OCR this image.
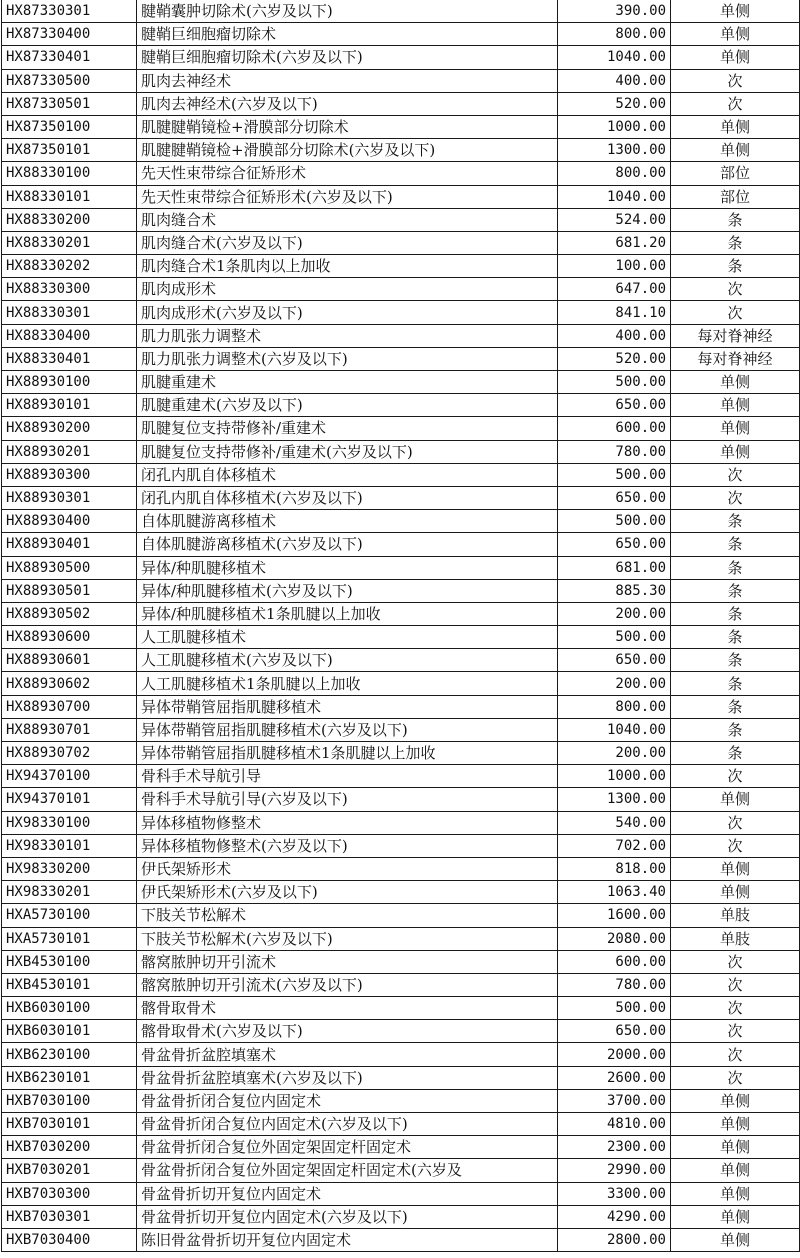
HX87330301	腱鞘囊肿切除术(六岁及以下)	390.00	单侧
HX87330400	腱鞘巨细胞瘤切除术	800.00	单侧
HX87330401	腱鞘巨细胞瘤切除术(六岁及以下)	1040.00	单侧
HX87330500	肌肉去神经术	400.00	次
HX87330501	肌肉去神经术(六岁及以下)	520.00	次
HX87350100	肌腱腱鞘镜检+滑膜部分切除术	1000.00	单侧
HX87350101	肌腱腱鞘镜检+滑膜部分切除术(六岁及以下)	1300.00	单侧
HX88330100	先天性束带综合征矫形术	800.00	部位
HX88330101	先天性束带综合征矫形术(六岁及以下)	1040.00	部位
HX88330200	肌肉缝合术	524.00	条
HX88330201	肌肉缝合术(六岁及以下)	681.20	条
HX88330202	肌肉缝合术1条肌肉以上加收	100.00	条
HX88330300	肌肉成形术	647.00	次
HX88330301	肌肉成形术(六岁及以下)	841.10	次
HX88330400	肌力肌张力调整术	400.00	每对脊神经
HX88330401	肌力肌张力调整术(六岁及以下)	520.00	每对脊神经
HX88930100	肌腱重建术	500.00	单侧
HX88930101	肌腱重建术(六岁及以下)	650.00	单侧
HX88930200	肌腱复位支持带修补/重建术	600.00	单侧
HX88930201	肌腱复位支持带修补/重建术(六岁及以下)	780.00	单侧
HX88930300	闭孔内肌自体移植术	500.00	次
HX88930301	闭孔内肌自体移植术(六岁及以下)	650.00	次
HX88930400	自体肌腱游离移植术	500.00	条
HX88930401	自体肌腱游离移植术(六岁及以下)	650.00	条
HX88930500	异体/种肌腱移植术	681.00	条
HX88930501	异体/种肌腱移植术(六岁及以下)	885.30	条
HX88930502	异体/种肌腱移植术1条肌腱以上加收	200.00	条
HX88930600	人工肌腱移植术	500.00	条
HX88930601	人工肌腱移植术(六岁及以下)	650.00	条
HX88930602	人工肌腱移植术1条肌腱以上加收	200.00	条
HX88930700	异体带鞘管屈指肌腱移植术	800.00	条
HX88930701	异体带鞘管屈指肌腱移植术(六岁及以下)	1040.00	条
HX88930702	异体带鞘管屈指肌腱移植术1条肌腱以上加收	200.00	条
HX94370100	骨科手术导航引导	1000.00	次
HX94370101	骨科手术导航引导(六岁及以下)	1300.00	单侧
HX98330100	异体移植物修整术	540.00	次
HX98330101	异体移植物修整术(六岁及以下)	702.00	次
HX98330200	伊氏架矫形术	818.00	单侧
HX98330201	伊氏架矫形术(六岁及以下)	1063.40	单侧
HXA5730100	下肢关节松解术	1600.00	单肢
HXA5730101	下肢关节松解术(六岁及以下)	2080.00	单肢
HXB4530100	髂窝脓肿切开引流术	600.00	次
HXB4530101	髂窝脓肿切开引流术(六岁及以下)	780.00	次
HXB6030100	髂骨取骨术	500.00	次
HXB6030101	髂骨取骨术(六岁及以下)	650.00	次
HXB6230100	骨盆骨折盆腔填塞术	2000.00	次
HXB6230101	骨盆骨折盆腔填塞术(六岁及以下)	2600.00	次
HXB7030100	骨盆骨折闭合复位内固定术	3700.00	单侧
HXB7030101	骨盆骨折闭合复位内固定术(六岁及以下)	4810.00	单侧
HXB7030200	骨盆骨折闭合复位外固定架固定杆固定术	2300.00	单侧
HXB7030201	骨盆骨折闭合复位外固定架固定杆固定术(六岁及	2990.00	单侧
HXB7030300	骨盆骨折切开复位内固定术	3300.00	单侧
HXB7030301	骨盆骨折切开复位内固定术(六岁及以下)	4290.00	单侧
HXB7030400	陈旧骨盆骨折切开复位内固定术	2800.00	单侧
